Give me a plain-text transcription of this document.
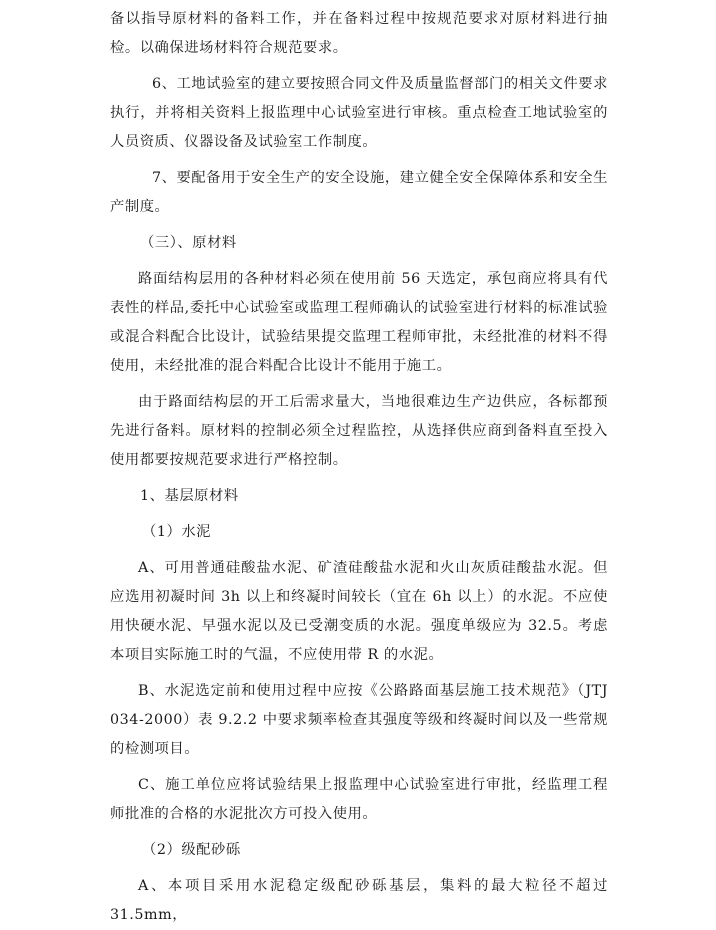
备以指导原材料的备料工作，并在备料过程中按规范要求对原材料进行抽检。以确保进场材料符合规范要求。

6、工地试验室的建立要按照合同文件及质量监督部门的相关文件要求执行，并将相关资料上报监理中心试验室进行审核。重点检查工地试验室的人员资质、仪器设备及试验室工作制度。

7、要配备用于安全生产的安全设施，建立健全安全保障体系和安全生产制度。

（三）、原材料

路面结构层用的各种材料必须在使用前 56 天选定，承包商应将具有代表性的样品,委托中心试验室或监理工程师确认的试验室进行材料的标准试验或混合料配合比设计，试验结果提交监理工程师审批，未经批准的材料不得使用，未经批准的混合料配合比设计不能用于施工。

由于路面结构层的开工后需求量大，当地很难边生产边供应，各标都预先进行备料。原材料的控制必须全过程监控，从选择供应商到备料直至投入使用都要按规范要求进行严格控制。

1、基层原材料

（1）水泥

A、可用普通硅酸盐水泥、矿渣硅酸盐水泥和火山灰质硅酸盐水泥。但应选用初凝时间 3h 以上和终凝时间较长（宜在 6h 以上）的水泥。不应使用快硬水泥、早强水泥以及已受潮变质的水泥。强度单级应为 32.5。考虑本项目实际施工时的气温，不应使用带 R 的水泥。

B、水泥选定前和使用过程中应按《公路路面基层施工技术规范》（JTJ 034-2000）表 9.2.2 中要求频率检查其强度等级和终凝时间以及一些常规的检测项目。

C、施工单位应将试验结果上报监理中心试验室进行审批，经监理工程师批准的合格的水泥批次方可投入使用。

（2）级配砂砾

A、本项目采用水泥稳定级配砂砾基层，集料的最大粒径不超过 31.5mm，
